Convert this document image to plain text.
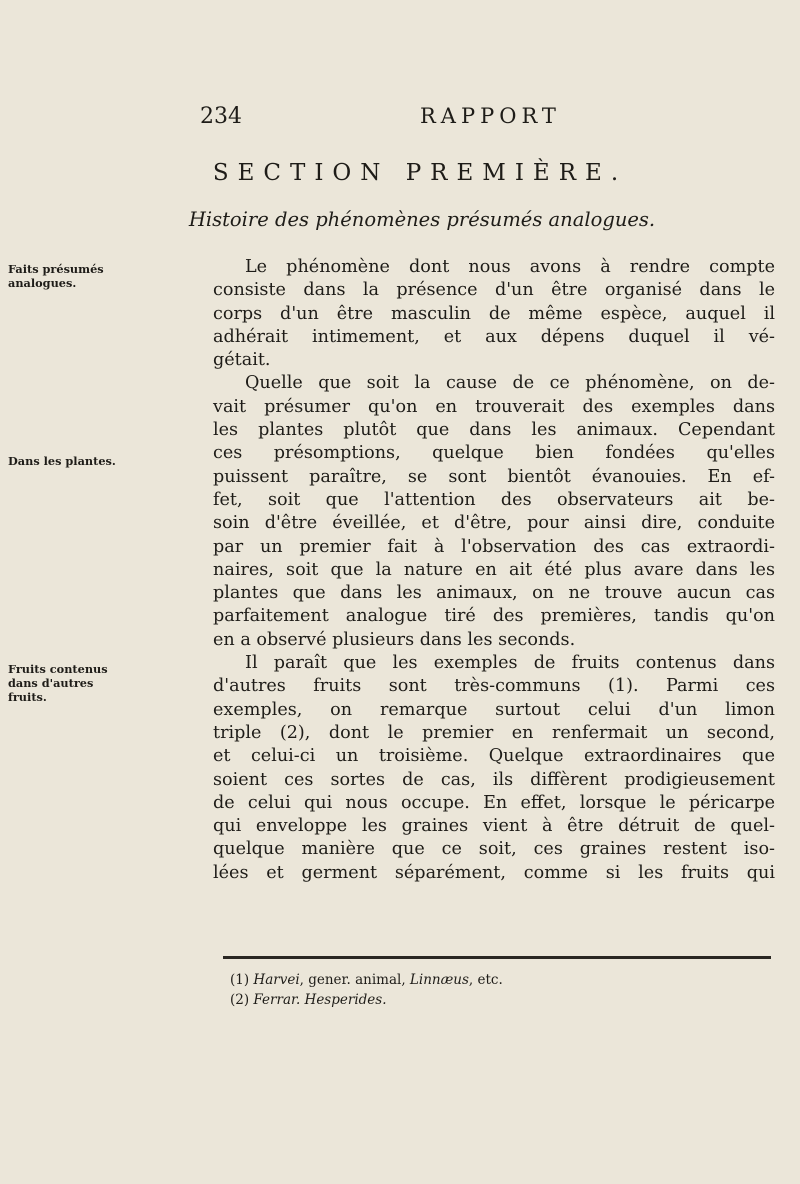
234	RAPPORT
SECTION PREMIÈRE.
Histoire des phénomènes présumés analogues.
Faits présumés analogues.
Dans les plantes.
Fruits contenus dans d'autres fruits.
Le phénomène dont nous avons à rendre compte
consiste dans la présence d'un être organisé dans le
corps d'un être masculin de même espèce, auquel il
adhérait intimement, et aux dépens duquel il vé-
gétait.
Quelle que soit la cause de ce phénomène, on de-
vait présumer qu'on en trouverait des exemples dans
les plantes plutôt que dans les animaux. Cependant
ces présomptions, quelque bien fondées qu'elles
puissent paraître, se sont bientôt évanouies. En ef-
fet, soit que l'attention des observateurs ait be-
soin d'être éveillée, et d'être, pour ainsi dire, conduite
par un premier fait à l'observation des cas extraordi-
naires, soit que la nature en ait été plus avare dans les
plantes que dans les animaux, on ne trouve aucun cas
parfaitement analogue tiré des premières, tandis qu'on
en a observé plusieurs dans les seconds.
Il paraît que les exemples de fruits contenus dans
d'autres fruits sont très-communs (1). Parmi ces
exemples, on remarque surtout celui d'un limon
triple (2), dont le premier en renfermait un second,
et celui-ci un troisième. Quelque extraordinaires que
soient ces sortes de cas, ils diffèrent prodigieusement
de celui qui nous occupe. En effet, lorsque le péricarpe
qui enveloppe les graines vient à être détruit de quel-
quelque manière que ce soit, ces graines restent iso-
lées et germent séparément, comme si les fruits qui
(1) Harvei, gener. animal, Linnæus, etc.
(2) Ferrar. Hesperides.
